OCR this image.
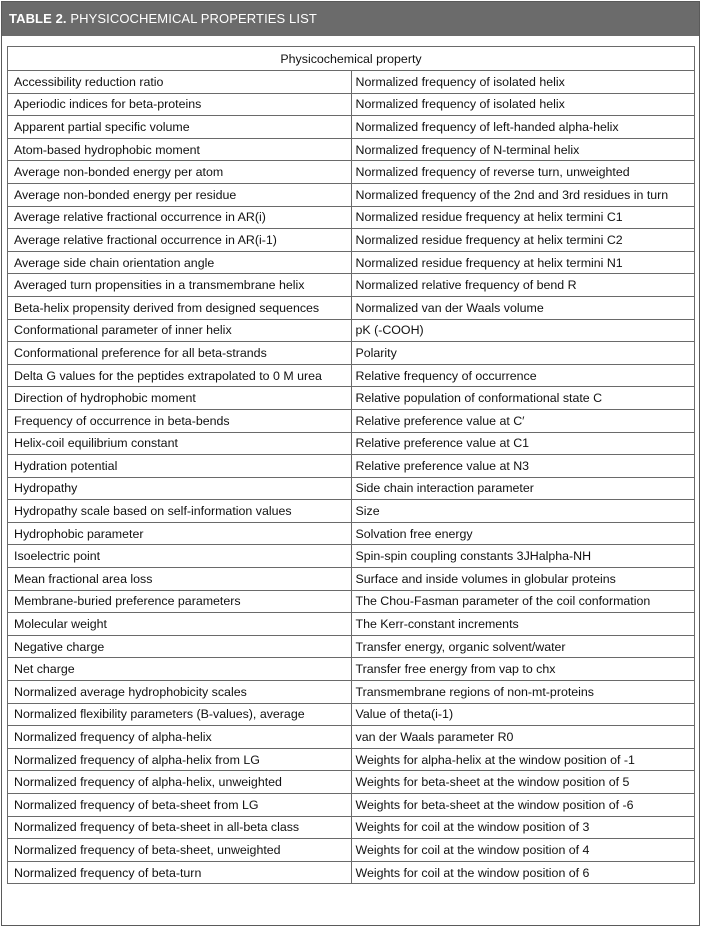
TABLE 2. PHYSICOCHEMICAL PROPERTIES LIST
Physicochemical property	
Accessibility reduction ratio	Normalized frequency of isolated helix
Aperiodic indices for beta-proteins	Normalized frequency of isolated helix
Apparent partial specific volume	Normalized frequency of left-handed alpha-helix
Atom-based hydrophobic moment	Normalized frequency of N-terminal helix
Average non-bonded energy per atom	Normalized frequency of reverse turn, unweighted
Average non-bonded energy per residue	Normalized frequency of the 2nd and 3rd residues in turn
Average relative fractional occurrence in AR(i)	Normalized residue frequency at helix termini C1
Average relative fractional occurrence in AR(i-1)	Normalized residue frequency at helix termini C2
Average side chain orientation angle	Normalized residue frequency at helix termini N1
Averaged turn propensities in a transmembrane helix	Normalized relative frequency of bend R
Beta-helix propensity derived from designed sequences	Normalized van der Waals volume
Conformational parameter of inner helix	pK (-COOH)
Conformational preference for all beta-strands	Polarity
Delta G values for the peptides extrapolated to 0 M urea	Relative frequency of occurrence
Direction of hydrophobic moment	Relative population of conformational state C
Frequency of occurrence in beta-bends	Relative preference value at C′
Helix-coil equilibrium constant	Relative preference value at C1
Hydration potential	Relative preference value at N3
Hydropathy	Side chain interaction parameter
Hydropathy scale based on self-information values	Size
Hydrophobic parameter	Solvation free energy
Isoelectric point	Spin-spin coupling constants 3JHalpha-NH
Mean fractional area loss	Surface and inside volumes in globular proteins
Membrane-buried preference parameters	The Chou-Fasman parameter of the coil conformation
Molecular weight	The Kerr-constant increments
Negative charge	Transfer energy, organic solvent/water
Net charge	Transfer free energy from vap to chx
Normalized average hydrophobicity scales	Transmembrane regions of non-mt-proteins
Normalized flexibility parameters (B-values), average	Value of theta(i-1)
Normalized frequency of alpha-helix	van der Waals parameter R0
Normalized frequency of alpha-helix from LG	Weights for alpha-helix at the window position of -1
Normalized frequency of alpha-helix, unweighted	Weights for beta-sheet at the window position of 5
Normalized frequency of beta-sheet from LG	Weights for beta-sheet at the window position of -6
Normalized frequency of beta-sheet in all-beta class	Weights for coil at the window position of 3
Normalized frequency of beta-sheet, unweighted	Weights for coil at the window position of 4
Normalized frequency of beta-turn	Weights for coil at the window position of 6
